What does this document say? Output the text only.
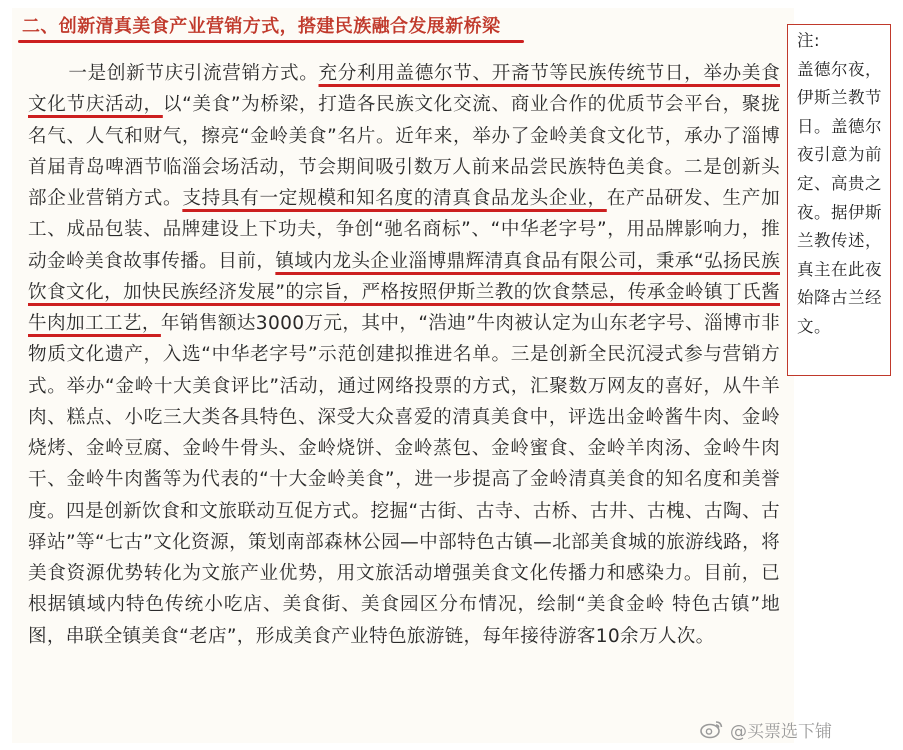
二、创新清真美食产业营销方式，搭建民族融合发展新桥梁
一是创新节庆引流营销方式。充分利用盖德尔节、开斋节等民族传统节日，举办美食文化节庆活动，以“美食”为桥梁，打造各民族文化交流、商业合作的优质节会平台，聚拢名气、人气和财气，擦亮“金岭美食”名片。近年来，举办了金岭美食文化节，承办了淄博首届青岛啤酒节临淄会场活动，节会期间吸引数万人前来品尝民族特色美食。二是创新头部企业营销方式。支持具有一定规模和知名度的清真食品龙头企业，在产品研发、生产加工、成品包装、品牌建设上下功夫，争创“驰名商标”、“中华老字号”，用品牌影响力，推动金岭美食故事传播。目前，镇域内龙头企业淄博鼎辉清真食品有限公司，秉承“弘扬民族饮食文化，加快民族经济发展”的宗旨，严格按照伊斯兰教的饮食禁忌，传承金岭镇丁氏酱牛肉加工工艺，年销售额达3000万元，其中，“浩迪”牛肉被认定为山东老字号、淄博市非物质文化遗产，入选“中华老字号”示范创建拟推进名单。三是创新全民沉浸式参与营销方式。举办“金岭十大美食评比”活动，通过网络投票的方式，汇聚数万网友的喜好，从牛羊肉、糕点、小吃三大类各具特色、深受大众喜爱的清真美食中，评选出金岭酱牛肉、金岭烧烤、金岭豆腐、金岭牛骨头、金岭烧饼、金岭蒸包、金岭蜜食、金岭羊肉汤、金岭牛肉干、金岭牛肉酱等为代表的“十大金岭美食”，进一步提高了金岭清真美食的知名度和美誉度。四是创新饮食和文旅联动互促方式。挖掘“古街、古寺、古桥、古井、古槐、古陶、古驿站”等“七古”文化资源，策划南部森林公园—中部特色古镇—北部美食城的旅游线路，将美食资源优势转化为文旅产业优势，用文旅活动增强美食文化传播力和感染力。目前，已根据镇域内特色传统小吃店、美食街、美食园区分布情况，绘制“美食金岭 特色古镇”地图，串联全镇美食“老店”，形成美食产业特色旅游链，每年接待游客10余万人次。
注:
盖德尔夜，伊斯兰教节日。盖德尔夜引意为前定、高贵之夜。据伊斯兰教传述，真主在此夜始降古兰经文。
@买票选下铺
